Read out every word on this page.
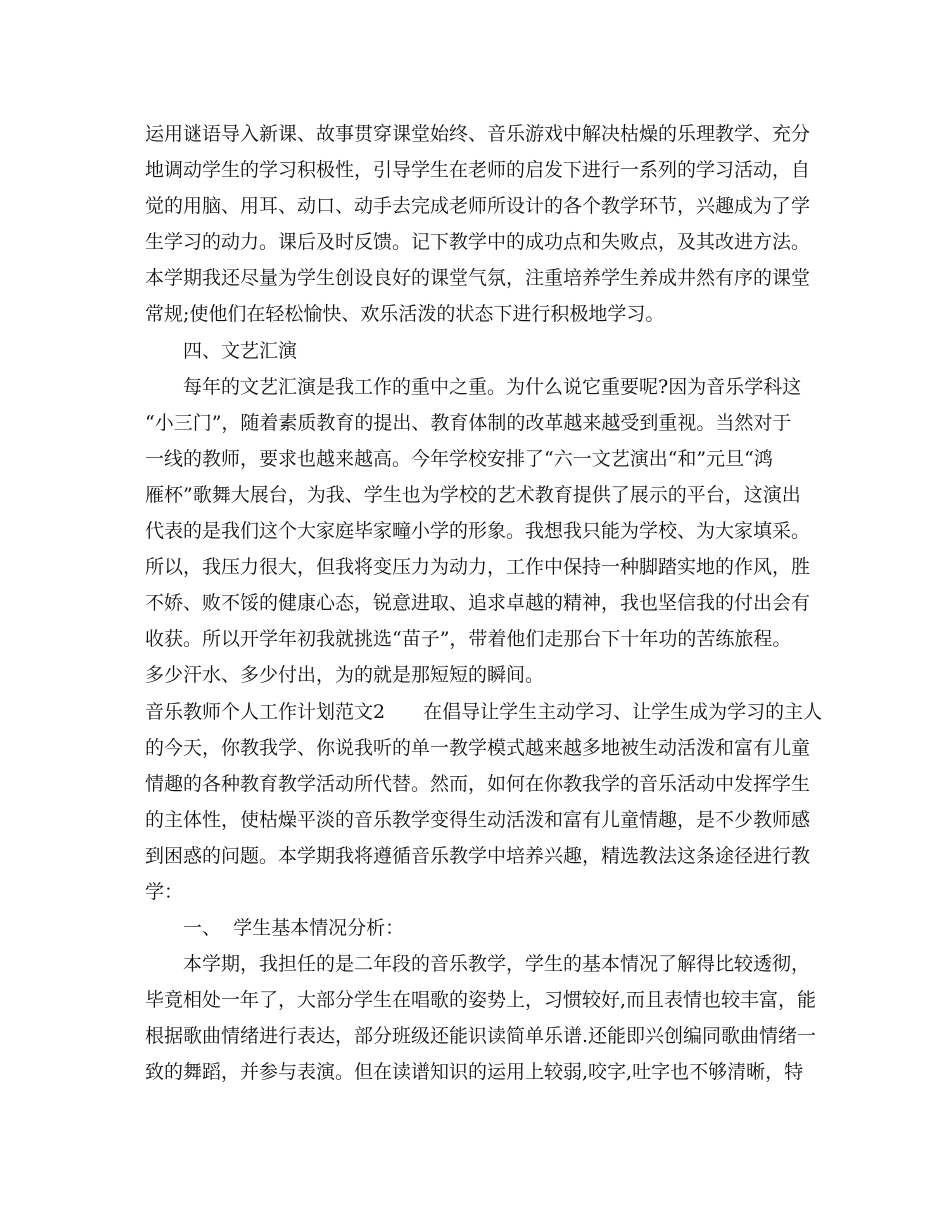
运用谜语导入新课、故事贯穿课堂始终、音乐游戏中解决枯燥的乐理教学、充分
地调动学生的学习积极性，引导学生在老师的启发下进行一系列的学习活动，自
觉的用脑、用耳、动口、动手去完成老师所设计的各个教学环节，兴趣成为了学
生学习的动力。课后及时反馈。记下教学中的成功点和失败点，及其改进方法。
本学期我还尽量为学生创设良好的课堂气氛，注重培养学生养成井然有序的课堂
常规;使他们在轻松愉快、欢乐活泼的状态下进行积极地学习。
四、文艺汇演
每年的文艺汇演是我工作的重中之重。为什么说它重要呢?因为音乐学科这
“小三门”，随着素质教育的提出、教育体制的改革越来越受到重视。当然对于
一线的教师，要求也越来越高。今年学校安排了“六一文艺演出“和”元旦“鸿
雁杯”歌舞大展台，为我、学生也为学校的艺术教育提供了展示的平台，这演出
代表的是我们这个大家庭毕家疃小学的形象。我想我只能为学校、为大家填采。
所以，我压力很大，但我将变压力为动力，工作中保持一种脚踏实地的作风，胜
不娇、败不馁的健康心态，锐意进取、追求卓越的精神，我也坚信我的付出会有
收获。所以开学年初我就挑选“苗子”，带着他们走那台下十年功的苦练旅程。
多少汗水、多少付出，为的就是那短短的瞬间。
音乐教师个人工作计划范文2 在倡导让学生主动学习、让学生成为学习的主人
的今天，你教我学、你说我听的单一教学模式越来越多地被生动活泼和富有儿童
情趣的各种教育教学活动所代替。然而，如何在你教我学的音乐活动中发挥学生
的主体性，使枯燥平淡的音乐教学变得生动活泼和富有儿童情趣，是不少教师感
到困惑的问题。本学期我将遵循音乐教学中培养兴趣，精选教法这条途径进行教
学：
一、  学生基本情况分析：
本学期，我担任的是二年段的音乐教学，学生的基本情况了解得比较透彻，
毕竟相处一年了，大部分学生在唱歌的姿势上，习惯较好,而且表情也较丰富，能
根据歌曲情绪进行表达，部分班级还能识读简单乐谱.还能即兴创编同歌曲情绪一
致的舞蹈，并参与表演。但在读谱知识的运用上较弱,咬字,吐字也不够清晰，特
